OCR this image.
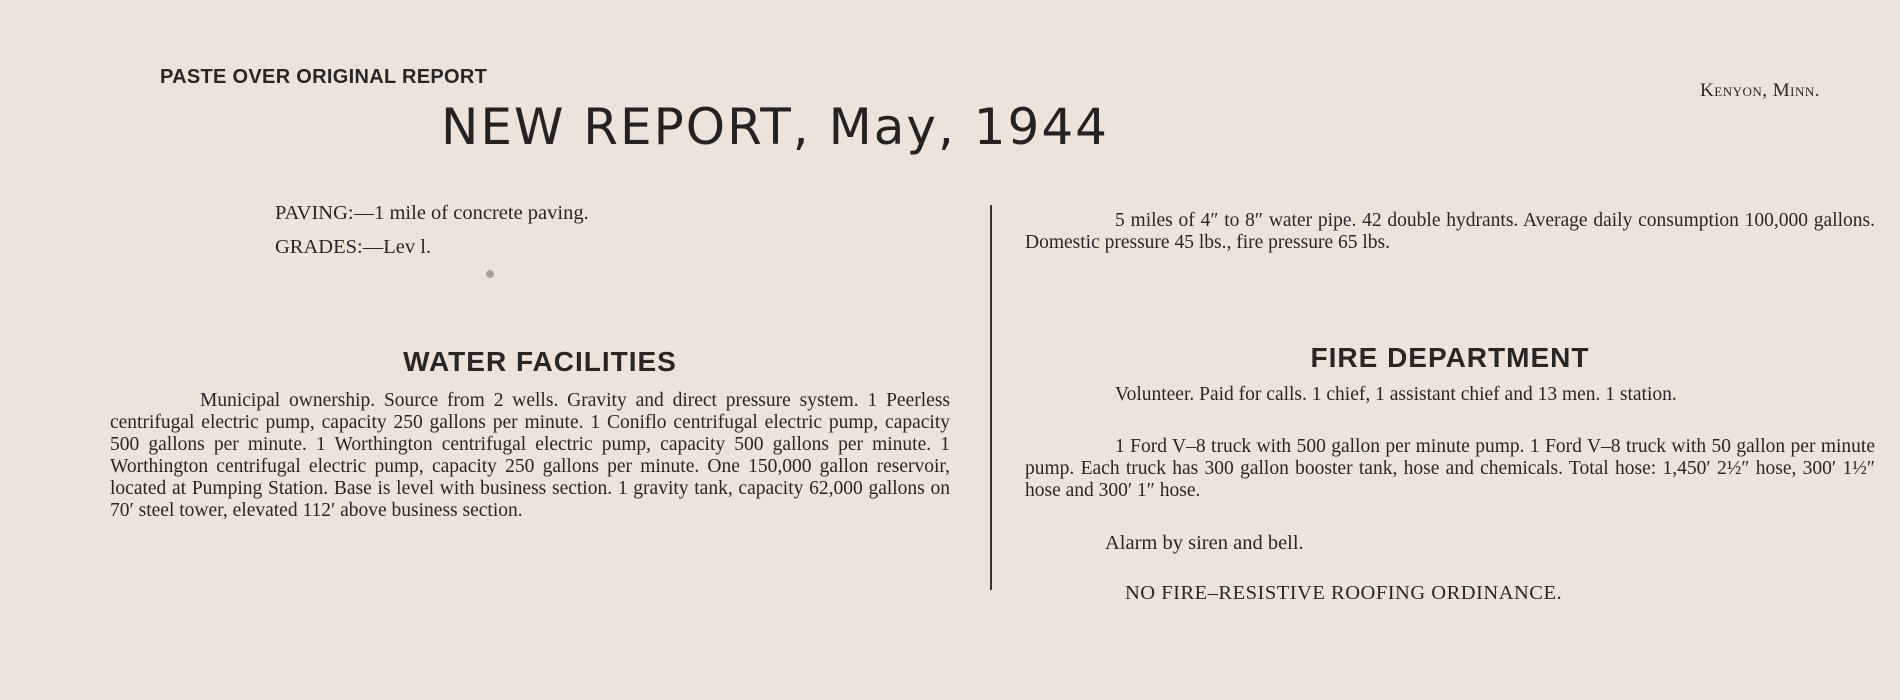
PASTE OVER ORIGINAL REPORT
Kenyon, Minn.
NEW REPORT, May, 1944
PAVING:—1 mile of concrete paving.
GRADES:—Lev⁠ ⁠l.
WATER FACILITIES
Municipal ownership. Source from 2 wells. Gravity and direct pressure system. 1 Peerless centrifugal electric pump, capacity 250 gallons per minute. 1 Coniflo centrifugal electric pump, capacity 500 gallons per minute. 1 Worthington centrifugal electric pump, capacity 500 gallons per minute. 1 Worthington centrifugal electric pump, capacity 250 gallons per minute. One 150,000 gallon reservoir, located at Pumping Station. Base is level with business section. 1 gravity tank, capacity 62,000 gallons on 70′ steel tower, elevated 112′ above business section.
5 miles of 4″ to 8″ water pipe. 42 double hydrants. Average daily consumption 100,000 gallons. Domestic pressure 45 lbs., fire pressure 65 lbs.
FIRE DEPARTMENT
Volunteer. Paid for calls. 1 chief, 1 assistant chief and 13 men. 1 station.
1 Ford V–8 truck with 500 gallon per minute pump. 1 Ford V–8 truck with 50 gallon per minute pump. Each truck has 300 gallon booster tank, hose and chemicals. Total hose: 1,450′ 2½″ hose, 300′ 1½″ hose and 300′ 1″ hose.
Alarm by siren and bell.
NO FIRE–RESISTIVE ROOFING ORDINANCE.
